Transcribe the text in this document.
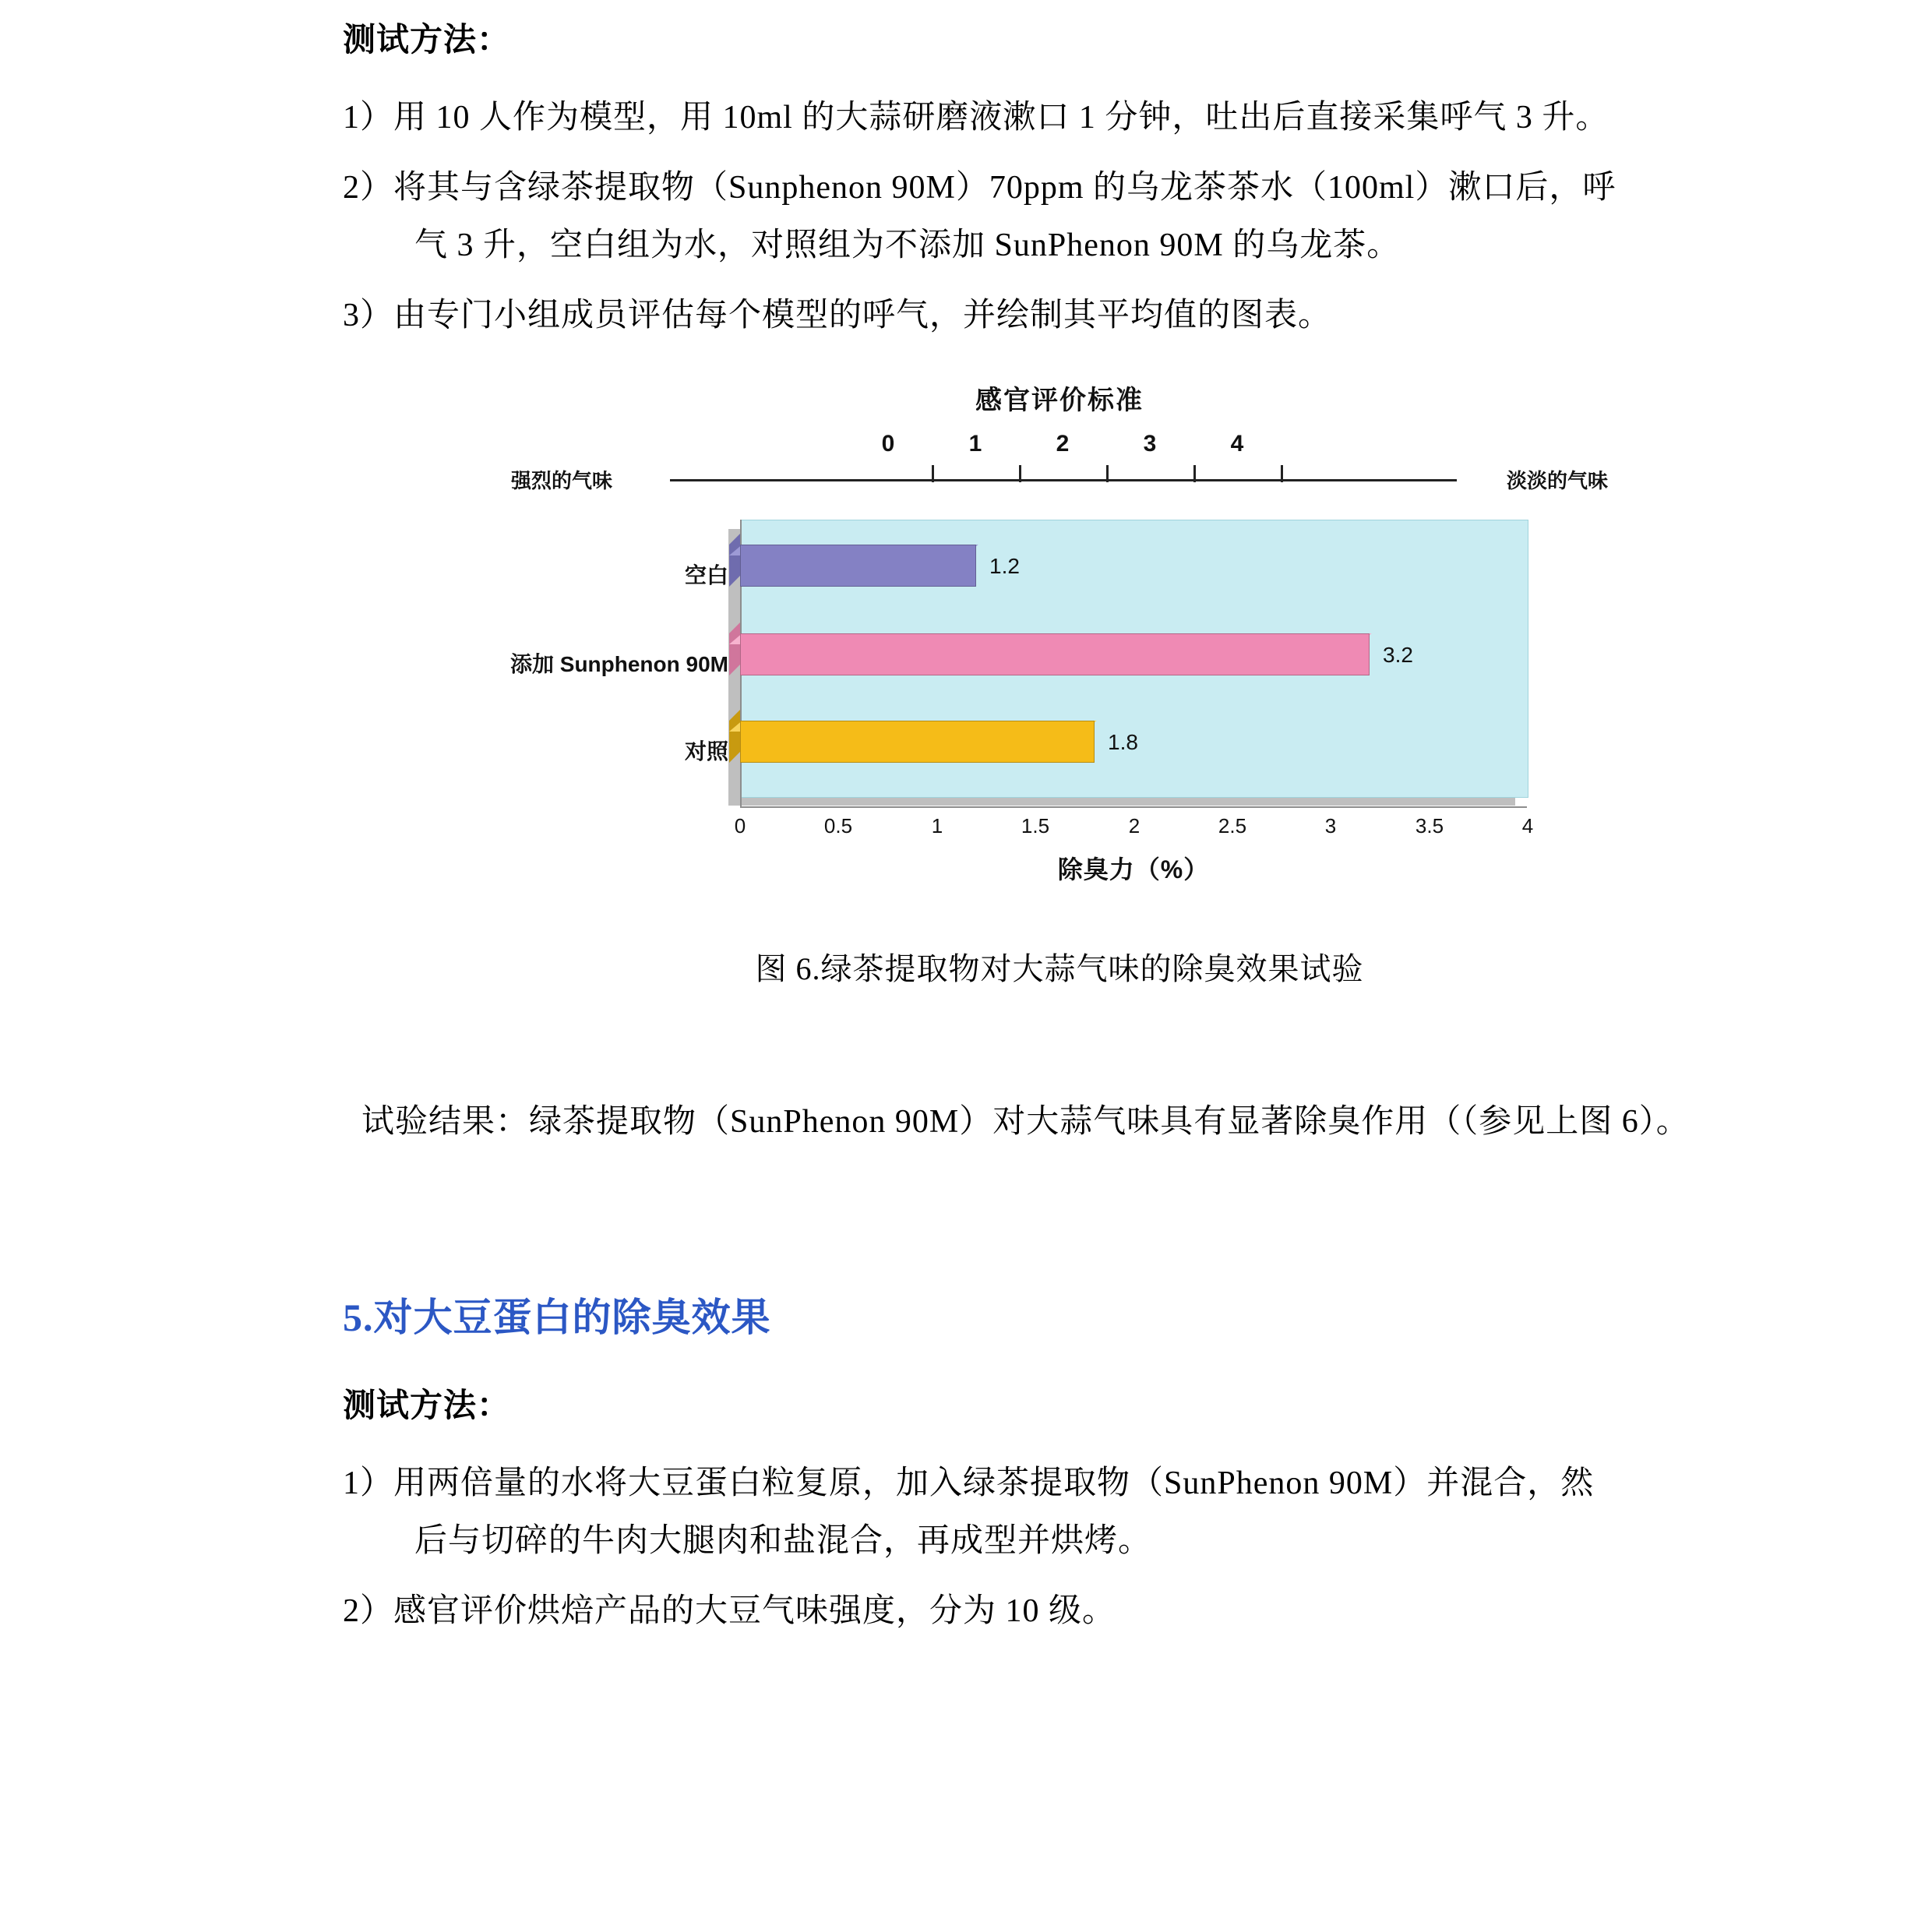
测试方法：

1）用 10 人作为模型，用 10ml 的大蒜研磨液漱口 1 分钟，吐出后直接采集呼气 3 升。

2）将其与含绿茶提取物（Sunphenon 90M）70ppm 的乌龙茶茶水（100ml）漱口后，呼

气 3 升，空白组为水，对照组为不添加 SunPhenon 90M 的乌龙茶。

3）由专门小组成员评估每个模型的呼气，并绘制其平均值的图表。

感官评价标准
强烈的气味	淡淡的气味
0	1	2	3	4
空白
添加 Sunphenon 90M
对照
1.2
3.2
1.8
0	0.5	1	1.5	2	2.5	3	3.5	4
除臭力（%）
图 6.绿茶提取物对大蒜气味的除臭效果试验

试验结果：绿茶提取物（SunPhenon 90M）对大蒜气味具有显著除臭作用（（参见上图 6）。

5.对大豆蛋白的除臭效果
测试方法：

1）用两倍量的水将大豆蛋白粒复原，加入绿茶提取物（SunPhenon 90M）并混合，然

后与切碎的牛肉大腿肉和盐混合，再成型并烘烤。

2）感官评价烘焙产品的大豆气味强度，分为 10 级。
